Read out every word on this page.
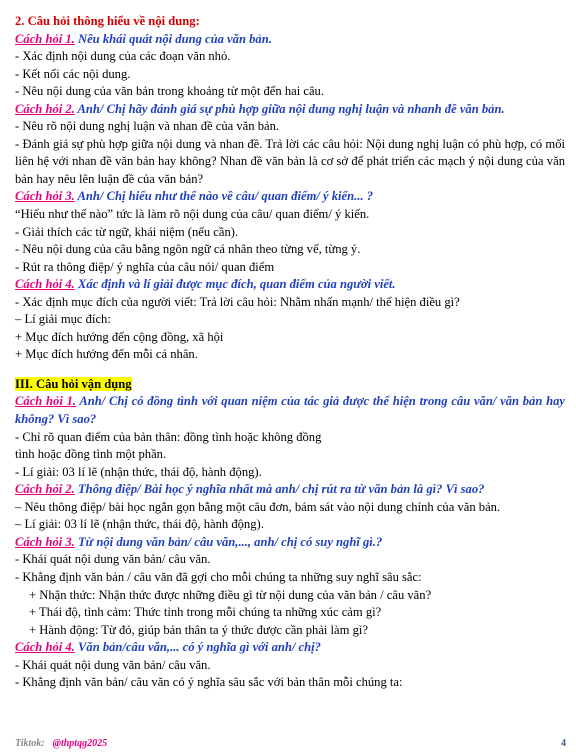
2. Câu hỏi thông hiểu về nội dung:
Cách hỏi 1. Nêu khái quát nội dung của văn bản.
- Xác định nội dung của các đoạn văn nhỏ.
- Kết nối các nội dung.
- Nêu nội dung của văn bản trong khoảng từ một đến hai câu.
Cách hỏi 2. Anh/ Chị hãy đánh giá sự phù hợp giữa nội dung nghị luận và nhanh đề văn bản.
- Nêu rõ nội dung nghị luận và nhan đề của văn bản.
- Đánh giá sự phù hợp giữa nội dung và nhan đề. Trả lời các câu hỏi: Nội dung nghị luận có phù hợp, có mối liên hệ với nhan đề văn bản hay không? Nhan đề văn bản là cơ sở để phát triển các mạch ý nội dung của văn bản hay nêu lên luận đề của văn bản?
Cách hỏi 3. Anh/ Chị hiểu như thế nào về câu/ quan điểm/ ý kiến... ?
“Hiểu như thế nào” tức là làm rõ nội dung của câu/ quan điểm/ ý kiến.
- Giải thích các từ ngữ, khái niệm (nếu cần).
- Nêu nội dung của câu bằng ngôn ngữ cá nhân theo từng vế, từng ý.
- Rút ra thông điệp/ ý nghĩa của câu nói/ quan điểm
Cách hỏi 4. Xác định và lí giải được mục đích, quan điểm của người viết.
- Xác định mục đích của người viết: Trả lời câu hỏi: Nhằm nhấn mạnh/ thể hiện điều gì?
– Lí giải mục đích:
+ Mục đích hướng đến cộng đồng, xã hội
+ Mục đích hướng đến mỗi cá nhân.
III. Câu hỏi vận dụng
Cách hỏi 1. Anh/ Chị có đồng tình với quan niệm của tác giả được thể hiện trong câu văn/ văn bản hay không? Vì sao?
- Chỉ rõ quan điểm của bản thân: đồng tình hoặc không đồng
tình hoặc đồng tình một phần.
- Lí giải: 03 lí lẽ (nhận thức, thái độ, hành động).
Cách hỏi 2. Thông điệp/ Bài học ý nghĩa nhất mà anh/ chị rút ra từ văn bản là gì? Vì sao?
– Nêu thông điệp/ bài học ngắn gọn bằng một câu đơn, bám sát vào nội dung chính của văn bản.
– Lí giải: 03 lí lẽ (nhận thức, thái độ, hành động).
Cách hỏi 3. Từ nội dung văn bản/ câu văn,..., anh/ chị có suy nghĩ gì.?
- Khái quát nội dung văn bản/ câu văn.
- Khẳng định văn bản / câu văn đã gợi cho mỗi chúng ta những suy nghĩ sâu sắc:
+ Nhận thức: Nhận thức được những điều gì từ nội dung của văn bản / câu văn?
+ Thái độ, tình cảm: Thức tỉnh trong mỗi chúng ta những xúc cảm gì?
+ Hành động: Từ đó, giúp bản thân ta ý thức được cần phải làm gì?
Cách hỏi 4. Văn bản/câu văn,... có ý nghĩa gì với anh/ chị?
- Khái quát nội dung văn bản/ câu văn.
- Khẳng định văn bản/ câu văn có ý nghĩa sâu sắc với bản thân mỗi chúng ta:
Tiktok: @thptqg2025	4
